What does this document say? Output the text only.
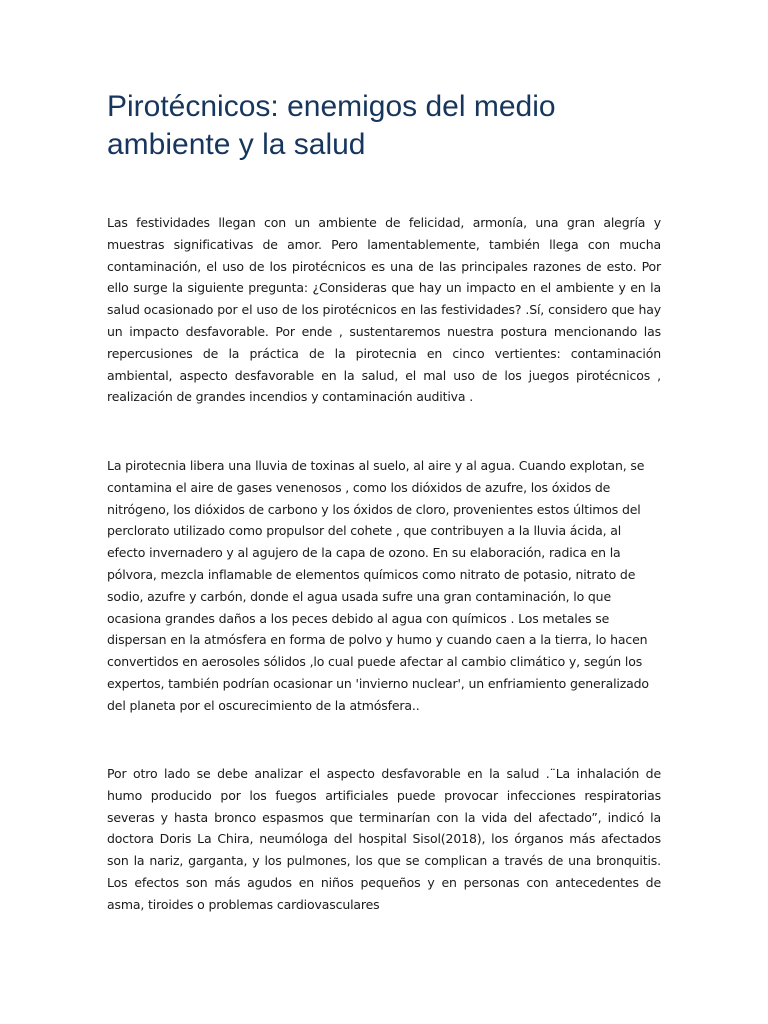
Pirotécnicos: enemigos del medio ambiente y la salud

Las festividades llegan con un ambiente de felicidad, armonía, una gran alegría y muestras significativas de amor. Pero lamentablemente, también llega con mucha contaminación, el uso de los pirotécnicos es una de las principales razones de esto. Por ello surge la siguiente pregunta: ¿Consideras que hay un impacto en el ambiente y en la salud ocasionado por el uso de los pirotécnicos en las festividades? .Sí, considero que hay un impacto desfavorable. Por ende , sustentaremos nuestra postura mencionando las repercusiones de la práctica de la pirotecnia en cinco vertientes: contaminación ambiental, aspecto desfavorable en la salud, el mal uso de los juegos pirotécnicos , realización de grandes incendios y contaminación auditiva .

La pirotecnia libera una lluvia de toxinas al suelo, al aire y al agua. Cuando explotan, se contamina el aire de gases venenosos , como los dióxidos de azufre, los óxidos de nitrógeno, los dióxidos de carbono y los óxidos de cloro, provenientes estos últimos del perclorato utilizado como propulsor del cohete , que contribuyen a la lluvia ácida, al efecto invernadero y al agujero de la capa de ozono. En su elaboración, radica en la pólvora, mezcla inflamable de elementos químicos como nitrato de potasio, nitrato de sodio, azufre y carbón, donde el agua usada sufre una gran contaminación, lo que ocasiona grandes daños a los peces debido al agua con químicos . Los metales se dispersan en la atmósfera en forma de polvo y humo y cuando caen a la tierra, lo hacen convertidos en aerosoles sólidos ,lo cual puede afectar al cambio climático y, según los expertos, también podrían ocasionar un 'invierno nuclear', un enfriamiento generalizado del planeta por el oscurecimiento de la atmósfera..

Por otro lado se debe analizar el aspecto desfavorable en la salud .¨La inhalación de humo producido por los fuegos artificiales puede provocar infecciones respiratorias severas y hasta bronco espasmos que terminarían con la vida del afectado”, indicó la doctora Doris La Chira, neumóloga del hospital Sisol(2018), los órganos más afectados son la nariz, garganta, y los pulmones, los que se complican a través de una bronquitis. Los efectos son más agudos en niños pequeños y en personas con antecedentes de asma, tiroides o problemas cardiovasculares
